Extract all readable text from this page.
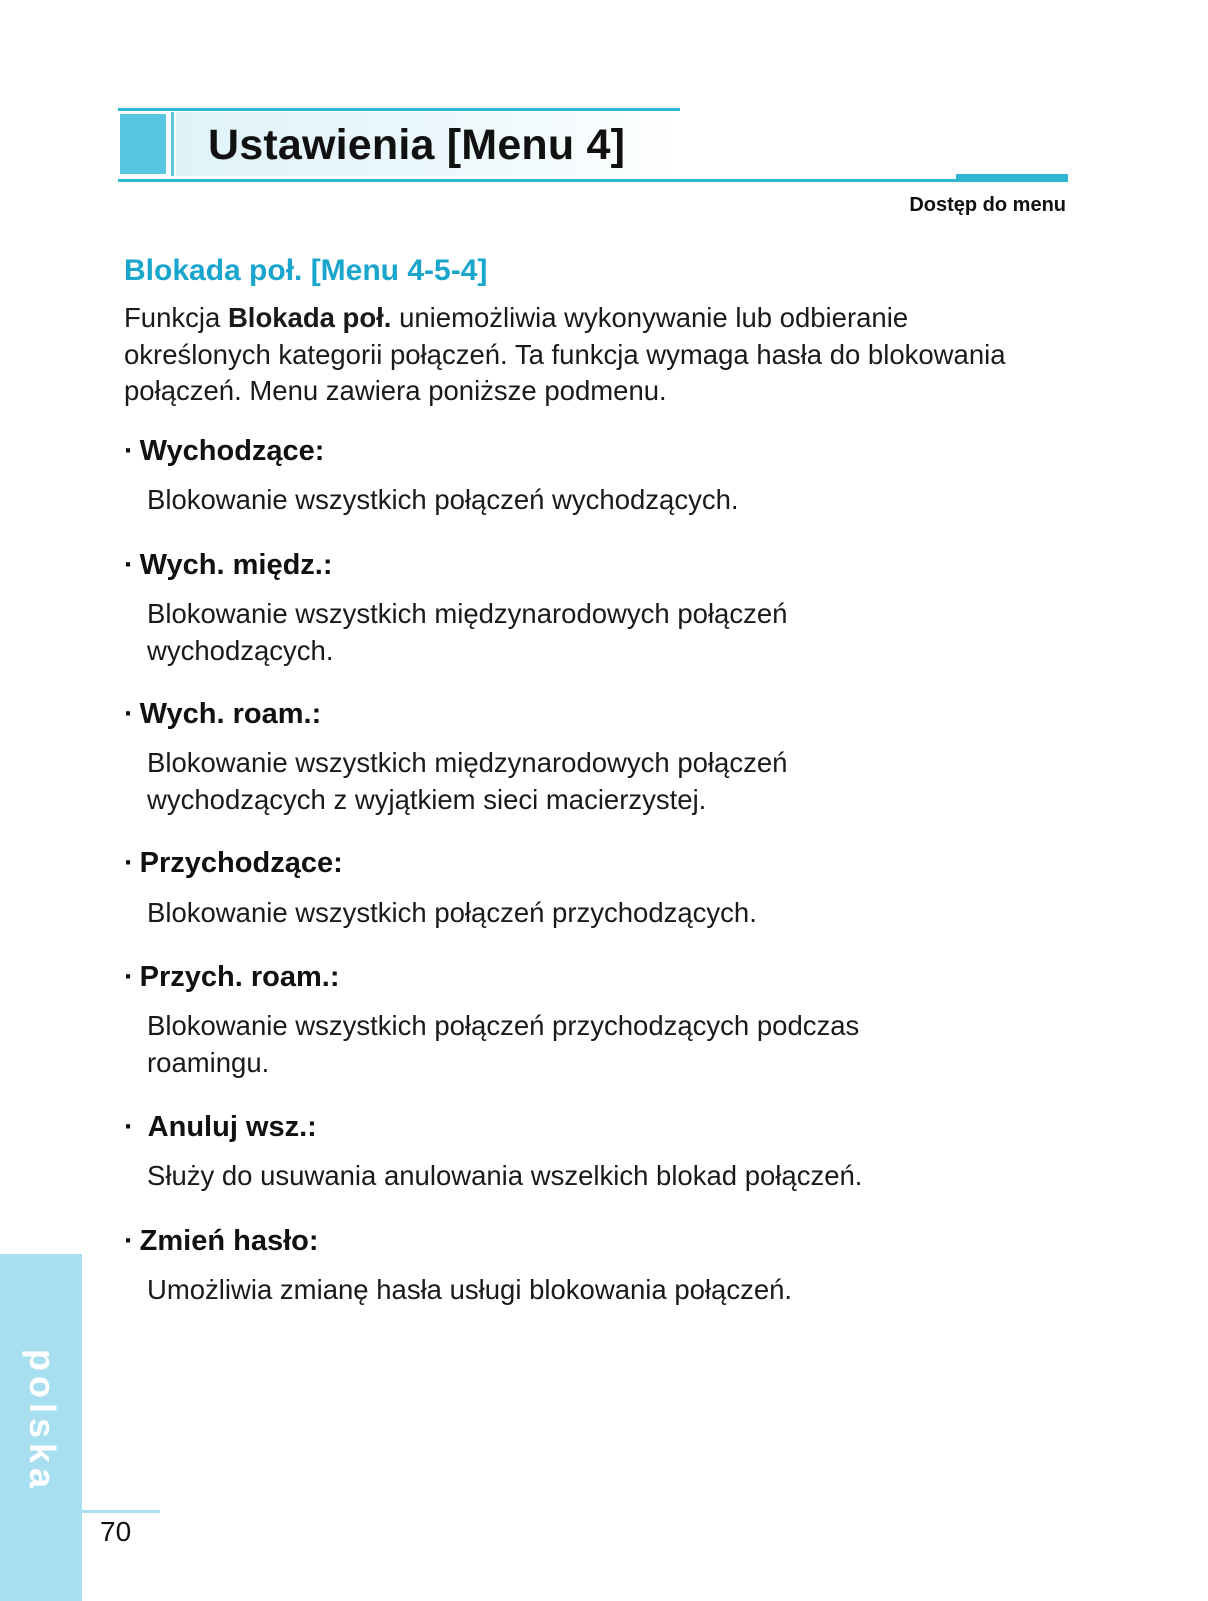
Ustawienia [Menu 4]
Dostęp do menu
Blokada poł. [Menu 4-5-4]

Funkcja Blokada poł. uniemożliwia wykonywanie lub odbieranie określonych kategorii połączeń. Ta funkcja wymaga hasła do blokowania połączeń. Menu zawiera poniższe podmenu.

· Wychodzące:

Blokowanie wszystkich połączeń wychodzących.

· Wych. międz.:

Blokowanie wszystkich międzynarodowych połączeń wychodzących.

· Wych. roam.:

Blokowanie wszystkich międzynarodowych połączeń wychodzących z wyjątkiem sieci macierzystej.

· Przychodzące:

Blokowanie wszystkich połączeń przychodzących.

· Przych. roam.:

Blokowanie wszystkich połączeń przychodzących podczas roamingu.

· Anuluj wsz.:

Służy do usuwania anulowania wszelkich blokad połączeń.

· Zmień hasło:

Umożliwia zmianę hasła usługi blokowania połączeń.

polska
70
